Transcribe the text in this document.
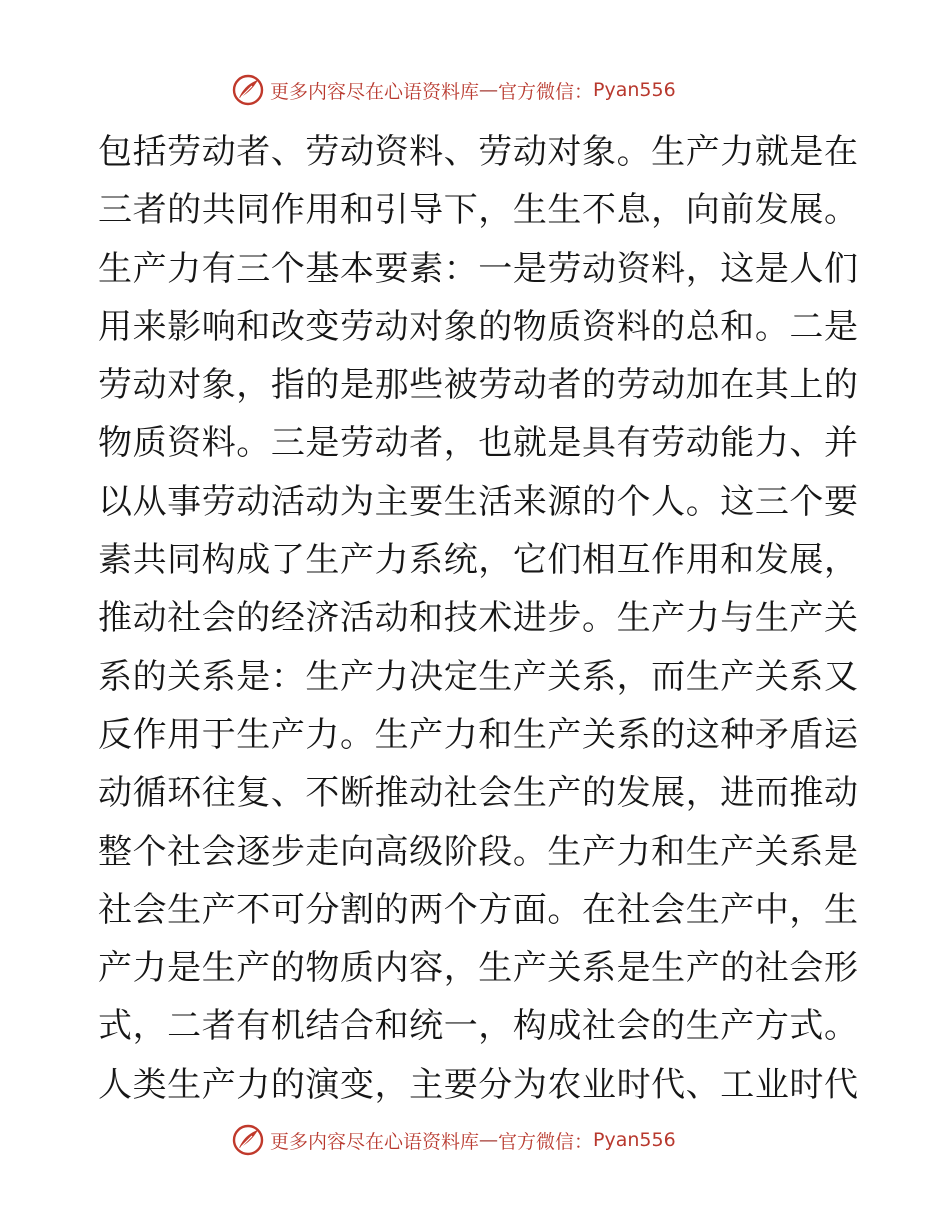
更多内容尽在心语资料库 — 官方微信： Pyan556
包括劳动者、劳动资料、劳动对象。生产力就是在
三者的共同作用和引导下，生生不息，向前发展。
生产力有三个基本要素：一是劳动资料，这是人们
用来影响和改变劳动对象的物质资料的总和。二是
劳动对象，指的是那些被劳动者的劳动加在其上的
物质资料。三是劳动者，也就是具有劳动能力、并
以从事劳动活动为主要生活来源的个人。这三个要
素共同构成了生产力系统，它们相互作用和发展，
推动社会的经济活动和技术进步。生产力与生产关
系的关系是：生产力决定生产关系，而生产关系又
反作用于生产力。生产力和生产关系的这种矛盾运
动循环往复、不断推动社会生产的发展，进而推动
整个社会逐步走向高级阶段。生产力和生产关系是
社会生产不可分割的两个方面。在社会生产中，生
产力是生产的物质内容，生产关系是生产的社会形
式，二者有机结合和统一，构成社会的生产方式。
人类生产力的演变，主要分为农业时代、工业时代
更多内容尽在心语资料库 — 官方微信： Pyan556
